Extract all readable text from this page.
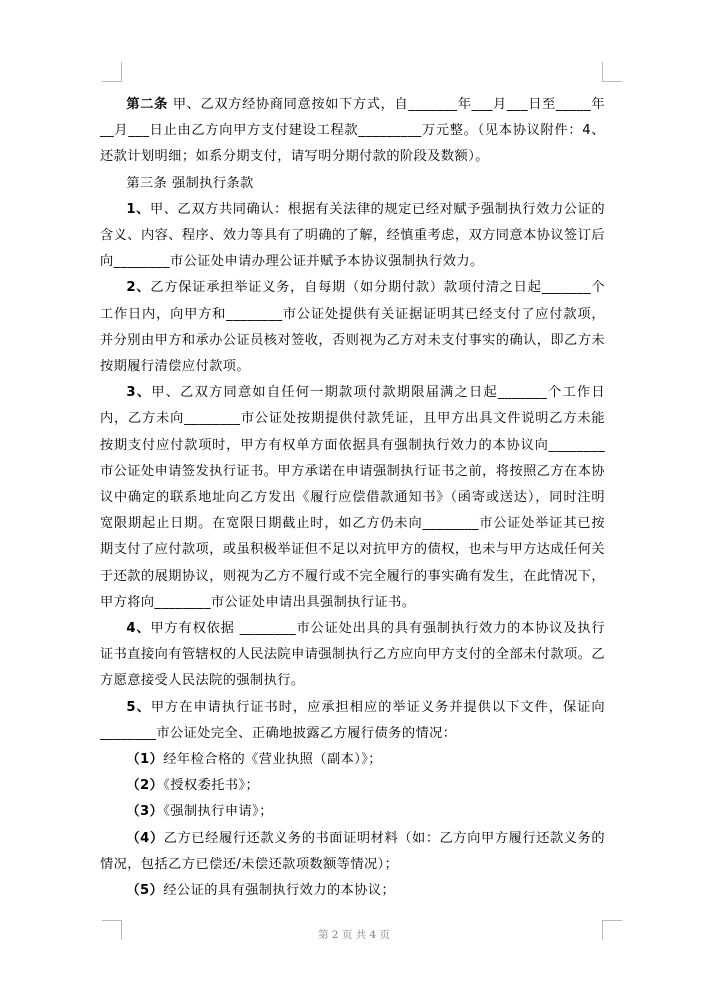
第二条 甲、乙双方经协商同意按如下方式，自_______年___月___日至_____年__月___日止由乙方向甲方支付建设工程款_________万元整。（见本协议附件：4、还款计划明细；如系分期支付，请写明分期付款的阶段及数额）。

第三条 强制执行条款

1、甲、乙双方共同确认：根据有关法律的规定已经对赋予强制执行效力公证的含义、内容、程序、效力等具有了明确的了解，经慎重考虑，双方同意本协议签订后向________市公证处申请办理公证并赋予本协议强制执行效力。

2、乙方保证承担举证义务，自每期（如分期付款）款项付清之日起_______个工作日内，向甲方和________市公证处提供有关证据证明其已经支付了应付款项，并分别由甲方和承办公证员核对签收，否则视为乙方对未支付事实的确认，即乙方未按期履行清偿应付款项。

3、甲、乙双方同意如自任何一期款项付款期限届满之日起_______个工作日内，乙方未向________市公证处按期提供付款凭证，且甲方出具文件说明乙方未能按期支付应付款项时，甲方有权单方面依据具有强制执行效力的本协议向________市公证处申请签发执行证书。甲方承诺在申请强制执行证书之前，将按照乙方在本协议中确定的联系地址向乙方发出《履行应偿借款通知书》（函寄或送达），同时注明宽限期起止日期。在宽限日期截止时，如乙方仍未向________市公证处举证其已按期支付了应付款项，或虽积极举证但不足以对抗甲方的债权，也未与甲方达成任何关于还款的展期协议，则视为乙方不履行或不完全履行的事实确有发生，在此情况下，甲方将向________市公证处申请出具强制执行证书。

4、甲方有权依据 ________市公证处出具的具有强制执行效力的本协议及执行证书直接向有管辖权的人民法院申请强制执行乙方应向甲方支付的全部未付款项。乙方愿意接受人民法院的强制执行。

5、甲方在申请执行证书时，应承担相应的举证义务并提供以下文件，保证向________市公证处完全、正确地披露乙方履行债务的情况：

（1）经年检合格的《营业执照（副本）》；

（2）《授权委托书》；

（3）《强制执行申请》；

（4）乙方已经履行还款义务的书面证明材料（如：乙方向甲方履行还款义务的情况，包括乙方已偿还/未偿还款项数额等情况）；

（5）经公证的具有强制执行效力的本协议；

第 2 页 共 4 页
